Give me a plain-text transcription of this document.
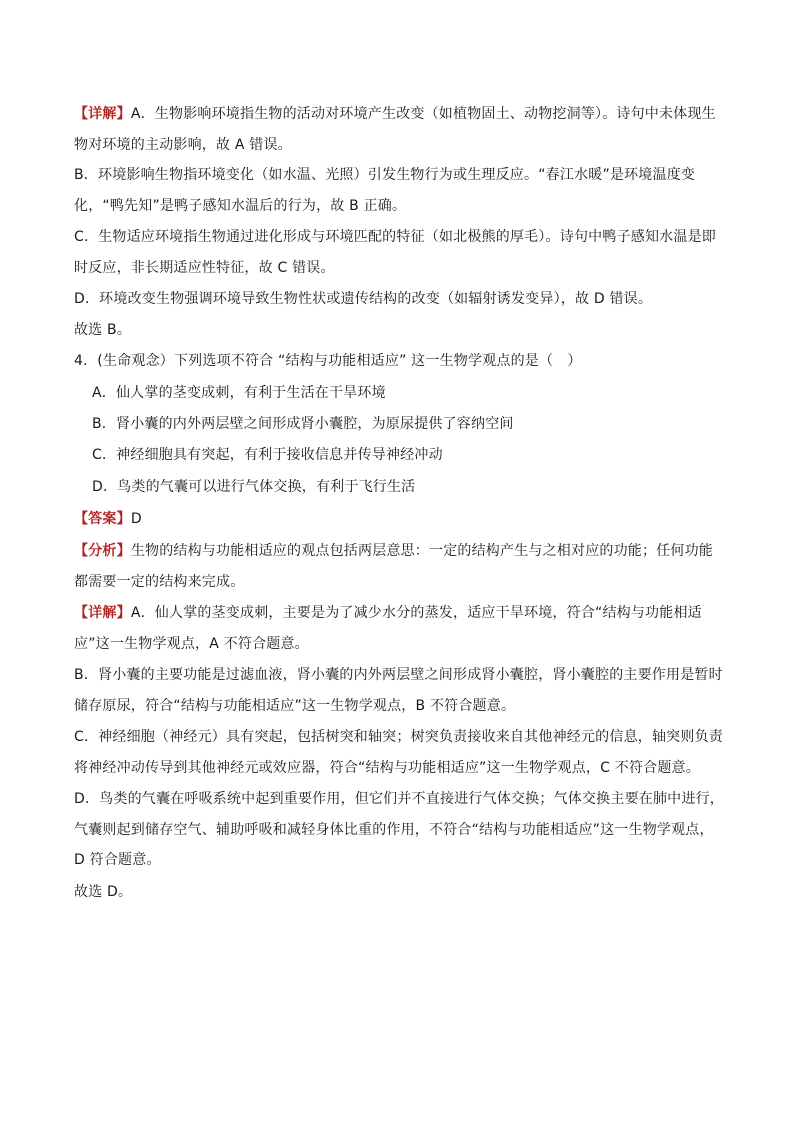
【详解】A．生物影响环境指生物的活动对环境产生改变（如植物固土、动物挖洞等）。诗句中未体现生物对环境的主动影响，故 A 错误。

B．环境影响生物指环境变化（如水温、光照）引发生物行为或生理反应。“春江水暖”是环境温度变化，“鸭先知”是鸭子感知水温后的行为，故 B 正确。

C．生物适应环境指生物通过进化形成与环境匹配的特征（如北极熊的厚毛）。诗句中鸭子感知水温是即时反应，非长期适应性特征，故 C 错误。

D．环境改变生物强调环境导致生物性状或遗传结构的改变（如辐射诱发变异），故 D 错误。

故选 B。

4．(生命观念）下列选项不符合 “结构与功能相适应” 这一生物学观点的是（　）

A．仙人掌的茎变成刺，有利于生活在干旱环境

B．肾小囊的内外两层壁之间形成肾小囊腔，为原尿提供了容纳空间

C．神经细胞具有突起，有利于接收信息并传导神经冲动

D．鸟类的气囊可以进行气体交换，有利于飞行生活

【答案】D

【分析】生物的结构与功能相适应的观点包括两层意思：一定的结构产生与之相对应的功能；任何功能都需要一定的结构来完成。

【详解】A．仙人掌的茎变成刺，主要是为了减少水分的蒸发，适应干旱环境，符合“结构与功能相适应”这一生物学观点，A 不符合题意。

B．肾小囊的主要功能是过滤血液，肾小囊的内外两层壁之间形成肾小囊腔，肾小囊腔的主要作用是暂时储存原尿，符合“结构与功能相适应”这一生物学观点，B 不符合题意。

C．神经细胞（神经元）具有突起，包括树突和轴突；树突负责接收来自其他神经元的信息，轴突则负责将神经冲动传导到其他神经元或效应器，符合“结构与功能相适应”这一生物学观点，C 不符合题意。

D．鸟类的气囊在呼吸系统中起到重要作用，但它们并不直接进行气体交换；气体交换主要在肺中进行，气囊则起到储存空气、辅助呼吸和减轻身体比重的作用，不符合“结构与功能相适应”这一生物学观点，D 符合题意。

故选 D。
